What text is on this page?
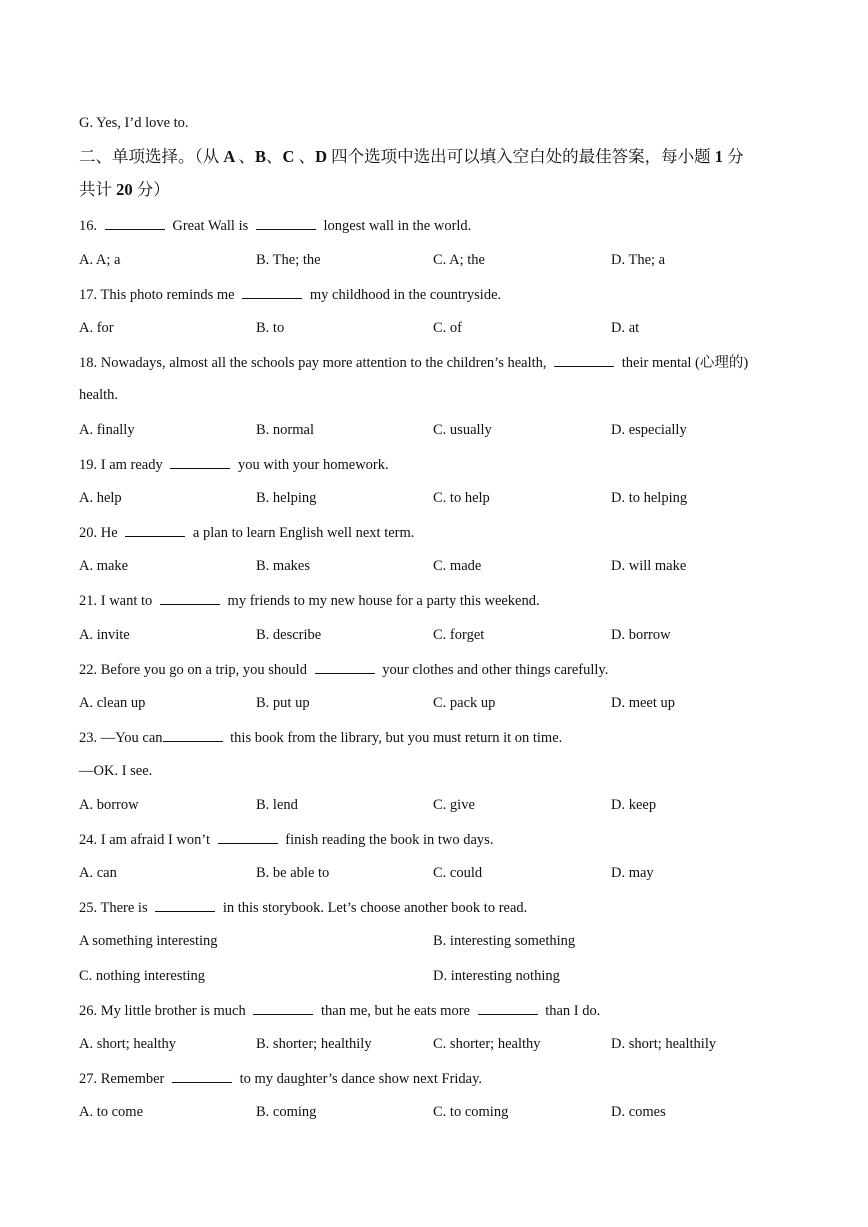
G. Yes, I’d love to.
二、单项选择。（从 A 、B、C 、D 四个选项中选出可以填入空白处的最佳答案，每小题 1 分
共计 20 分）
16.	Great Wall is	longest wall in the world.
A. A; a	B. The; the	C. A; the	D. The; a
17. This photo reminds me	my childhood in the countryside.
A. for	B. to	C. of	D. at
18. Nowadays, almost all the schools pay more attention to the children’s health,	their mental (心理的)
health.
A. finally	B. normal	C. usually	D. especially
19. I am ready	you with your homework.
A. help	B. helping	C. to help	D. to helping
20. He	a plan to learn English well next term.
A. make	B. makes	C. made	D. will make
21. I want to	my friends to my new house for a party this weekend.
A. invite	B. describe	C. forget	D. borrow
22. Before you go on a trip, you should	your clothes and other things carefully.
A. clean up	B. put up	C. pack up	D. meet up
23. —You can	this book from the library, but you must return it on time.
—OK. I see.
A. borrow	B. lend	C. give	D. keep
24. I am afraid I won’t	finish reading the book in two days.
A. can	B. be able to	C. could	D. may
25. There is	in this storybook. Let’s choose another book to read.
A something interesting	B. interesting something
C. nothing interesting	D. interesting nothing
26. My little brother is much	than me, but he eats more	than I do.
A. short; healthy	B. shorter; healthily	C. shorter; healthy	D. short; healthily
27. Remember	to my daughter’s dance show next Friday.
A. to come	B. coming	C. to coming	D. comes
